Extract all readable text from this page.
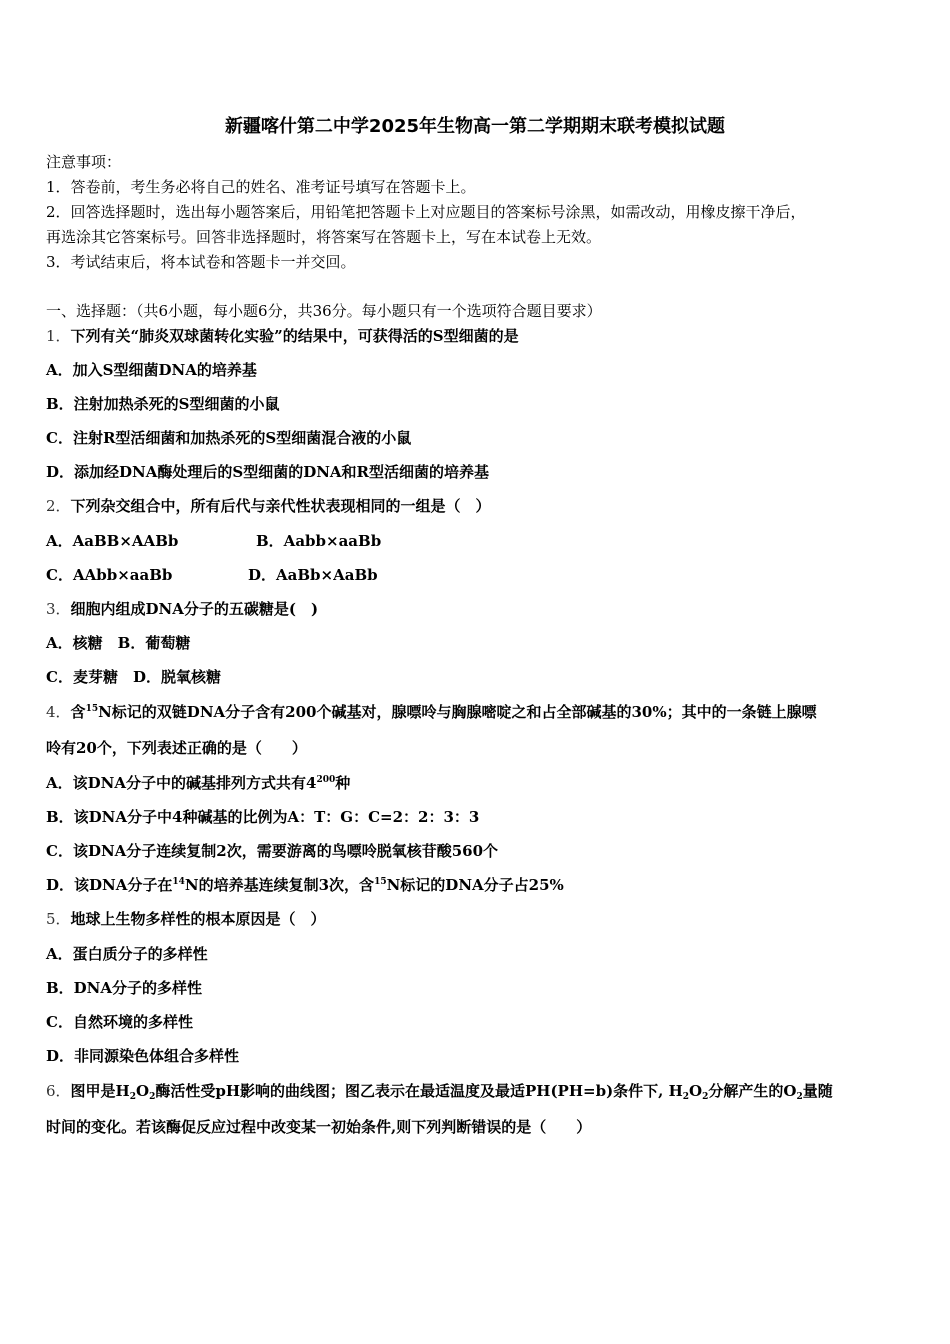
新疆喀什第二中学2025年生物高一第二学期期末联考模拟试题
注意事项：
1．答卷前，考生务必将自己的姓名、准考证号填写在答题卡上。
2．回答选择题时，选出每小题答案后，用铅笔把答题卡上对应题目的答案标号涂黑，如需改动，用橡皮擦干净后，
再选涂其它答案标号。回答非选择题时，将答案写在答题卡上，写在本试卷上无效。
3．考试结束后，将本试卷和答题卡一并交回。
一、选择题：（共6小题，每小题6分，共36分。每小题只有一个选项符合题目要求）
1．下列有关“肺炎双球菌转化实验”的结果中，可获得活的S型细菌的是
A．加入S型细菌DNA的培养基
B．注射加热杀死的S型细菌的小鼠
C．注射R型活细菌和加热杀死的S型细菌混合液的小鼠
D．添加经DNA酶处理后的S型细菌的DNA和R型活细菌的培养基
2．下列杂交组合中，所有后代与亲代性状表现相同的一组是（　）
A．AaBB×AABb	B．Aabb×aaBb
C．AAbb×aaBb	D．AaBb×AaBb
3．细胞内组成DNA分子的五碳糖是(　)
A．核糖　B．葡萄糖
C．麦芽糖　D．脱氧核糖
4．含$^{15}$N标记的双链DNA分子含有200个碱基对，腺嘌呤与胸腺嘧啶之和占全部碱基的30%；其中的一条链上腺嘌
呤有20个，下列表述正确的是（　　）
A．该DNA分子中的碱基排列方式共有$4^{200}$种
B．该DNA分子中4种碱基的比例为A：T：G：C=2：2：3：3
C．该DNA分子连续复制2次，需要游离的鸟嘌呤脱氧核苷酸560个
D．该DNA分子在$^{14}$N的培养基连续复制3次，含$^{15}$N标记的DNA分子占25%
5．地球上生物多样性的根本原因是（　）
A．蛋白质分子的多样性
B．DNA分子的多样性
C．自然环境的多样性
D．非同源染色体组合多样性
6．图甲是$H_2O_2$酶活性受pH影响的曲线图；图乙表示在最适温度及最适PH(PH=b)条件下, $H_2O_2$分解产生的$O_2$量随
时间的变化。若该酶促反应过程中改变某一初始条件,则下列判断错误的是（　　）
